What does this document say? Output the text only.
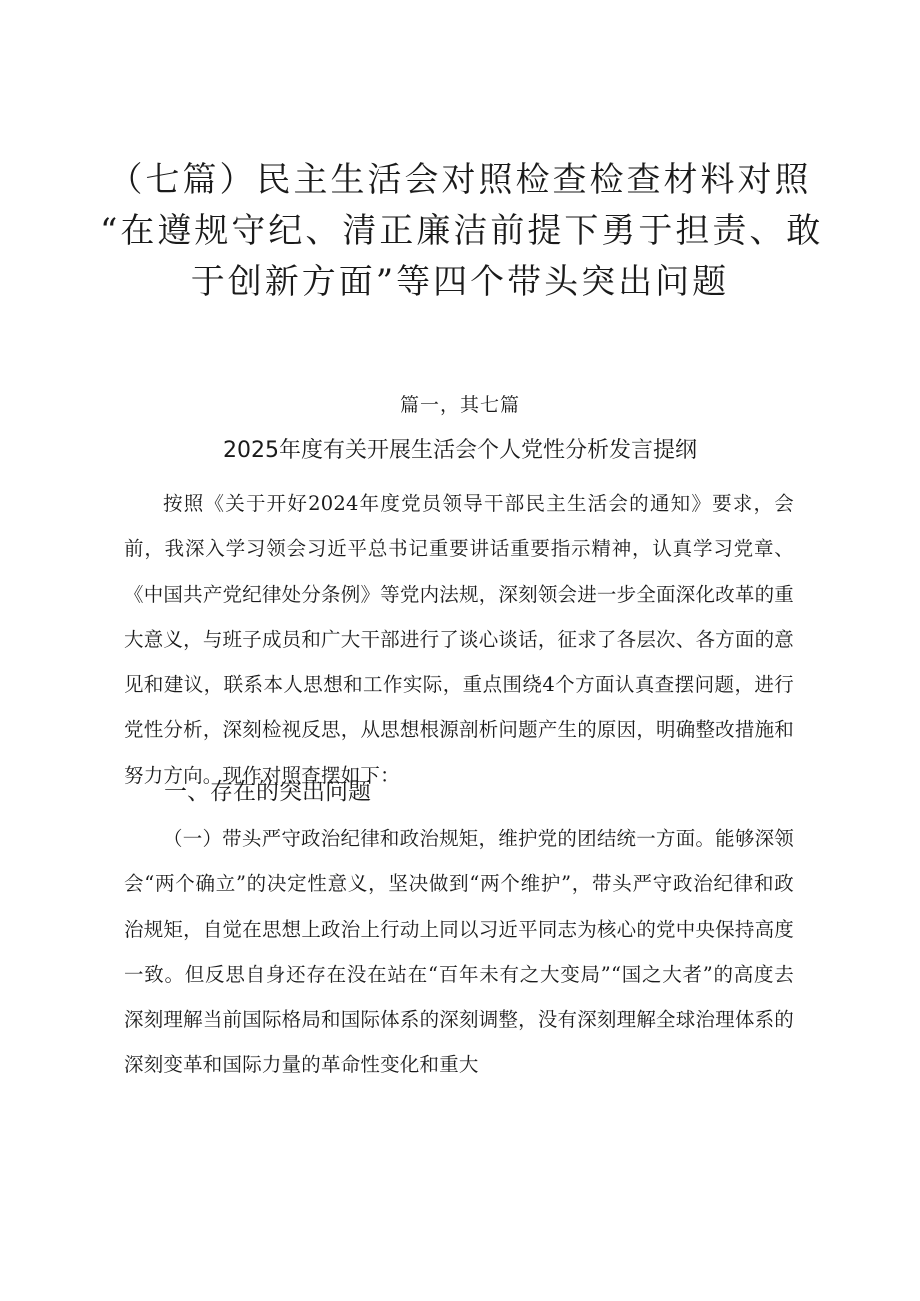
（七篇）民主生活会对照检查检查材料对照
“在遵规守纪、清正廉洁前提下勇于担责、敢
于创新方面”等四个带头突出问题
篇一，其七篇
2025年度有关开展生活会个人党性分析发言提纲

按照《关于开好2024年度党员领导干部民主生活会的通知》要求，会前，我深入学习领会习近平总书记重要讲话重要指示精神，认真学习党章、《中国共产党纪律处分条例》等党内法规，深刻领会进一步全面深化改革的重大意义，与班子成员和广大干部进行了谈心谈话，征求了各层次、各方面的意见和建议，联系本人思想和工作实际，重点围绕4个方面认真查摆问题，进行党性分析，深刻检视反思，从思想根源剖析问题产生的原因，明确整改措施和努力方向。现作对照查摆如下：

一、存在的突出问题

（一）带头严守政治纪律和政治规矩，维护党的团结统一方面。能够深领会“两个确立”的决定性意义，坚决做到“两个维护”，带头严守政治纪律和政治规矩，自觉在思想上政治上行动上同以习近平同志为核心的党中央保持高度一致。但反思自身还存在没在站在“百年未有之大变局”“国之大者”的高度去深刻理解当前国际格局和国际体系的深刻调整，没有深刻理解全球治理体系的深刻变革和国际力量的革命性变化和重大
